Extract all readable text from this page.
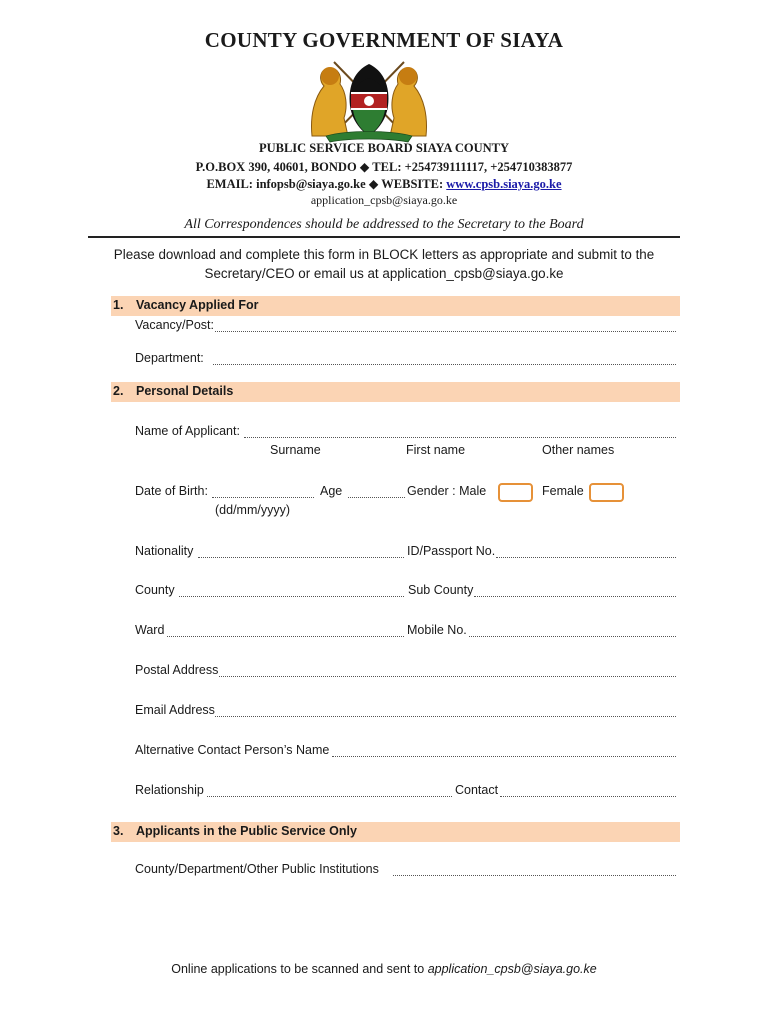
COUNTY GOVERNMENT OF SIAYA
PUBLIC SERVICE BOARD SIAYA COUNTY
P.O.BOX 390, 40601, BONDO ◆ TEL: +254739111117, +254710383877
EMAIL: infopsb@siaya.go.ke ◆ WEBSITE: www.cpsb.siaya.go.ke
application_cpsb@siaya.go.ke
All Correspondences should be addressed to the Secretary to the Board
Please download and complete this form in BLOCK letters as appropriate and submit to the
Secretary/CEO or email us at application_cpsb@siaya.go.ke
1. Vacancy Applied For
Vacancy/Post:
Department:
2. Personal Details
Name of Applicant:
Surname	First name	Other names
Date of Birth:	Age	Gender : Male	Female
(dd/mm/yyyy)
Nationality	ID/Passport No.
County	Sub County
Ward	Mobile No.
Postal Address
Email Address
Alternative Contact Person’s Name
Relationship	Contact
3. Applicants in the Public Service Only
County/Department/Other Public Institutions
Online applications to be scanned and sent to application_cpsb@siaya.go.ke
